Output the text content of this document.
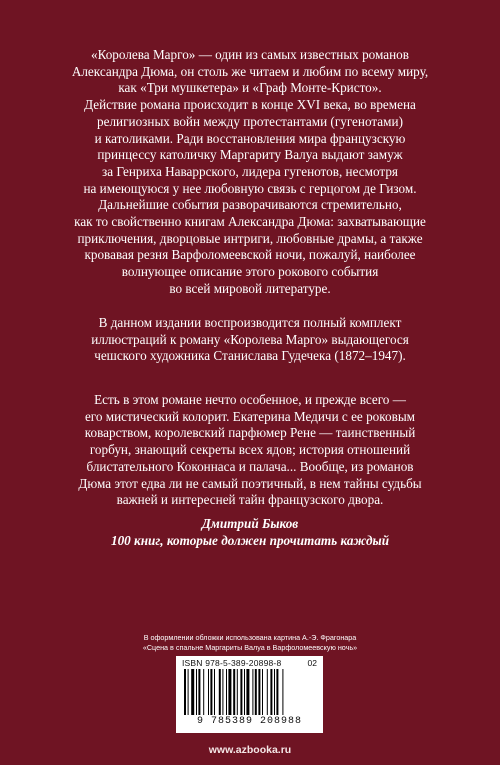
«Королева Марго» — один из самых известных романов
Александра Дюма, он столь же читаем и любим по всему миру,
как «Три мушкетера» и «Граф Монте-Кристо».
Действие романа происходит в конце XVI века, во времена
религиозных войн между протестантами (гугенотами)
и католиками. Ради восстановления мира французскую
принцессу католичку Маргариту Валуа выдают замуж
за Генриха Наваррского, лидера гугенотов, несмотря
на имеющуюся у нее любовную связь с герцогом де Гизом.
Дальнейшие события разворачиваются стремительно,
как то свойственно книгам Александра Дюма: захватывающие
приключения, дворцовые интриги, любовные драмы, а также
кровавая резня Варфоломеевской ночи, пожалуй, наиболее
волнующее описание этого рокового события
во всей мировой литературе.
В данном издании воспроизводится полный комплект
иллюстраций к роману «Королева Марго» выдающегося
чешского художника Станислава Гудечека (1872–1947).
Есть в этом романе нечто особенное, и прежде всего —
его мистический колорит. Екатерина Медичи с ее роковым
коварством, королевский парфюмер Рене — таинственный
горбун, знающий секреты всех ядов; история отношений
блистательного Коконнаса и палача... Вообще, из романов
Дюма этот едва ли не самый поэтичный, в нем тайны судьбы
важней и интересней тайн французского двора.
Дмитрий Быков
100 книг, которые должен прочитать каждый
В оформлении обложки использована картина А.-Э. Фрагонара
«Сцена в спальне Маргариты Валуа в Варфоломеевскую ночь»
ISBN 978-5-389-20898-8	02
9 785389 208988
www.azbooka.ru
